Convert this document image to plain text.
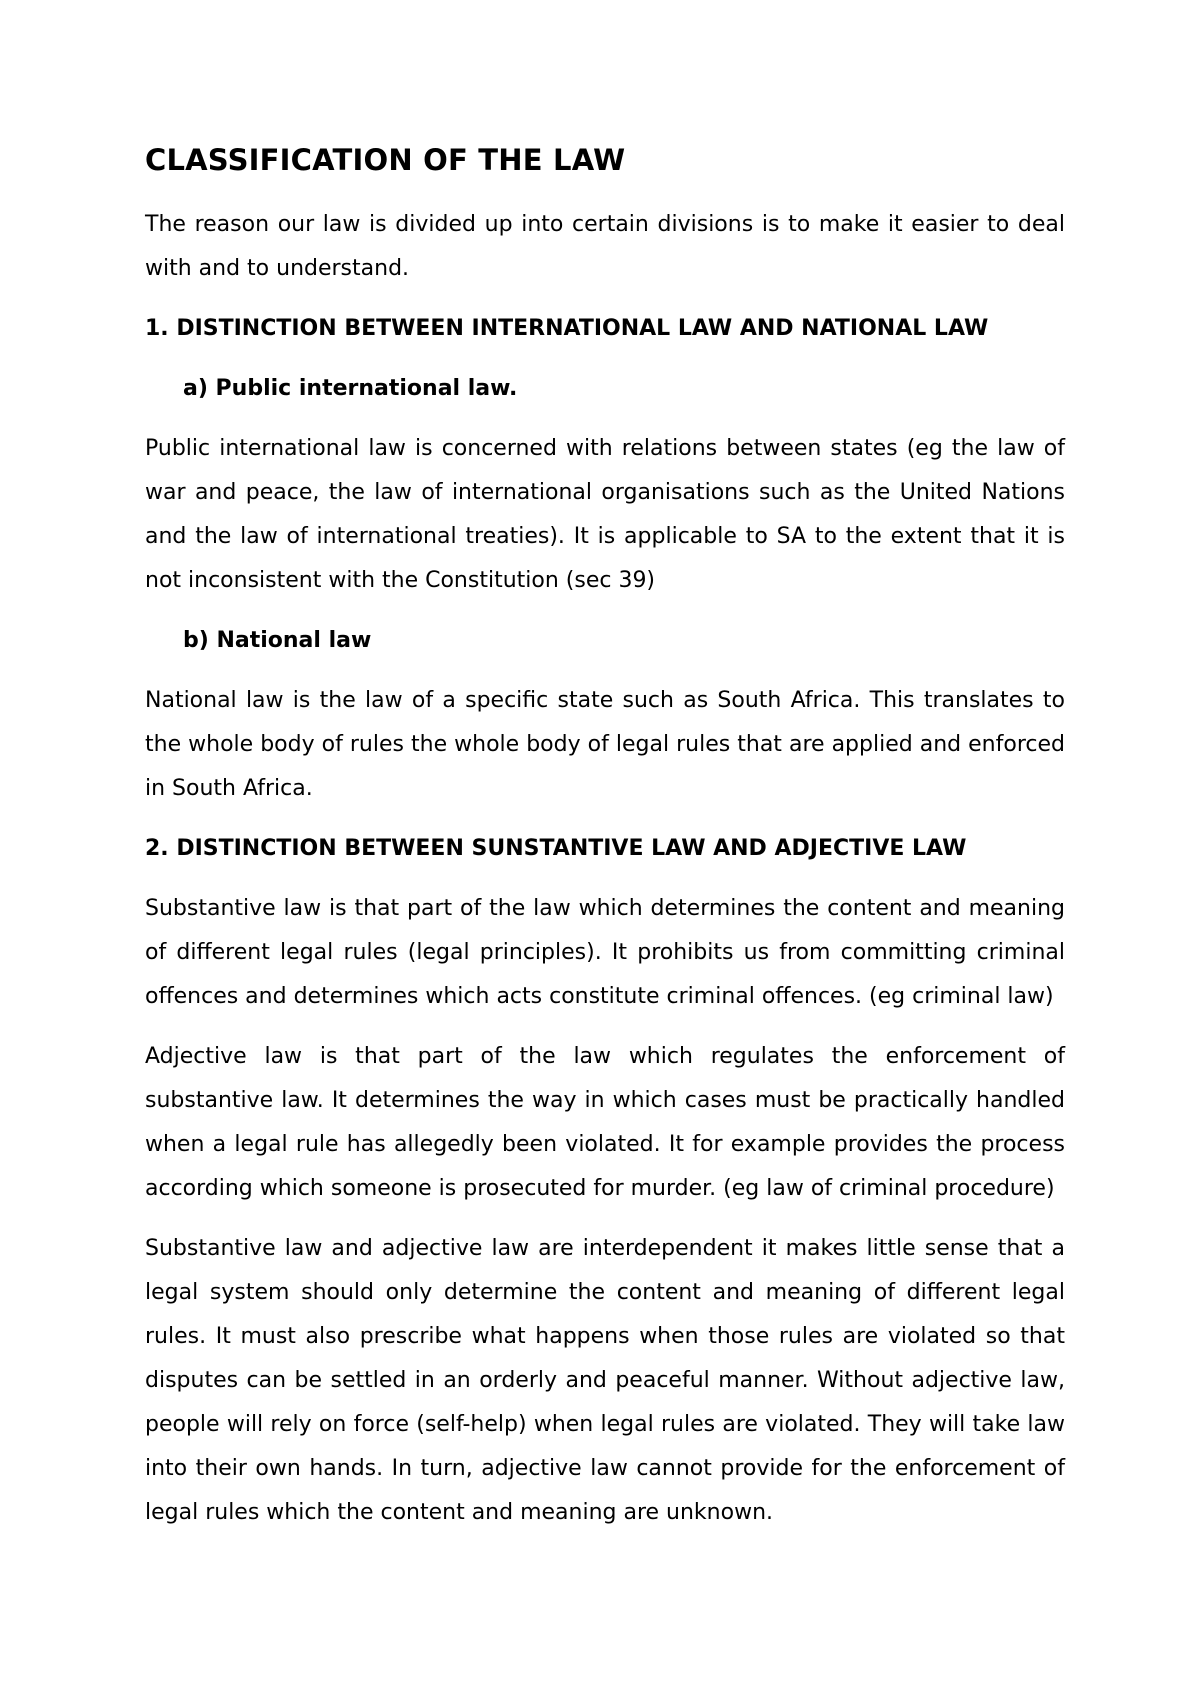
CLASSIFICATION OF THE LAW

The reason our law is divided up into certain divisions is to make it easier to deal with and to understand.

1. DISTINCTION BETWEEN INTERNATIONAL LAW AND NATIONAL LAW
a) Public international law.

Public international law is concerned with relations between states (eg the law of war and peace, the law of international organisations such as the United Nations and the law of international treaties). It is applicable to SA to the extent that it is not inconsistent with the Constitution (sec 39)

b) National law

National law is the law of a specific state such as South Africa. This translates to the whole body of rules the whole body of legal rules that are applied and enforced in South Africa.

2. DISTINCTION BETWEEN SUNSTANTIVE LAW AND ADJECTIVE LAW

Substantive law is that part of the law which determines the content and meaning of different legal rules (legal principles). It prohibits us from committing criminal offences and determines which acts constitute criminal offences. (eg criminal law)

Adjective law is that part of the law which regulates the enforcement of substantive law. It determines the way in which cases must be practically handled when a legal rule has allegedly been violated. It for example provides the process according which someone is prosecuted for murder. (eg law of criminal procedure)

Substantive law and adjective law are interdependent it makes little sense that a legal system should only determine the content and meaning of different legal rules. It must also prescribe what happens when those rules are violated so that disputes can be settled in an orderly and peaceful manner. Without adjective law, people will rely on force (self-help) when legal rules are violated. They will take law into their own hands. In turn, adjective law cannot provide for the enforcement of legal rules which the content and meaning are unknown.
